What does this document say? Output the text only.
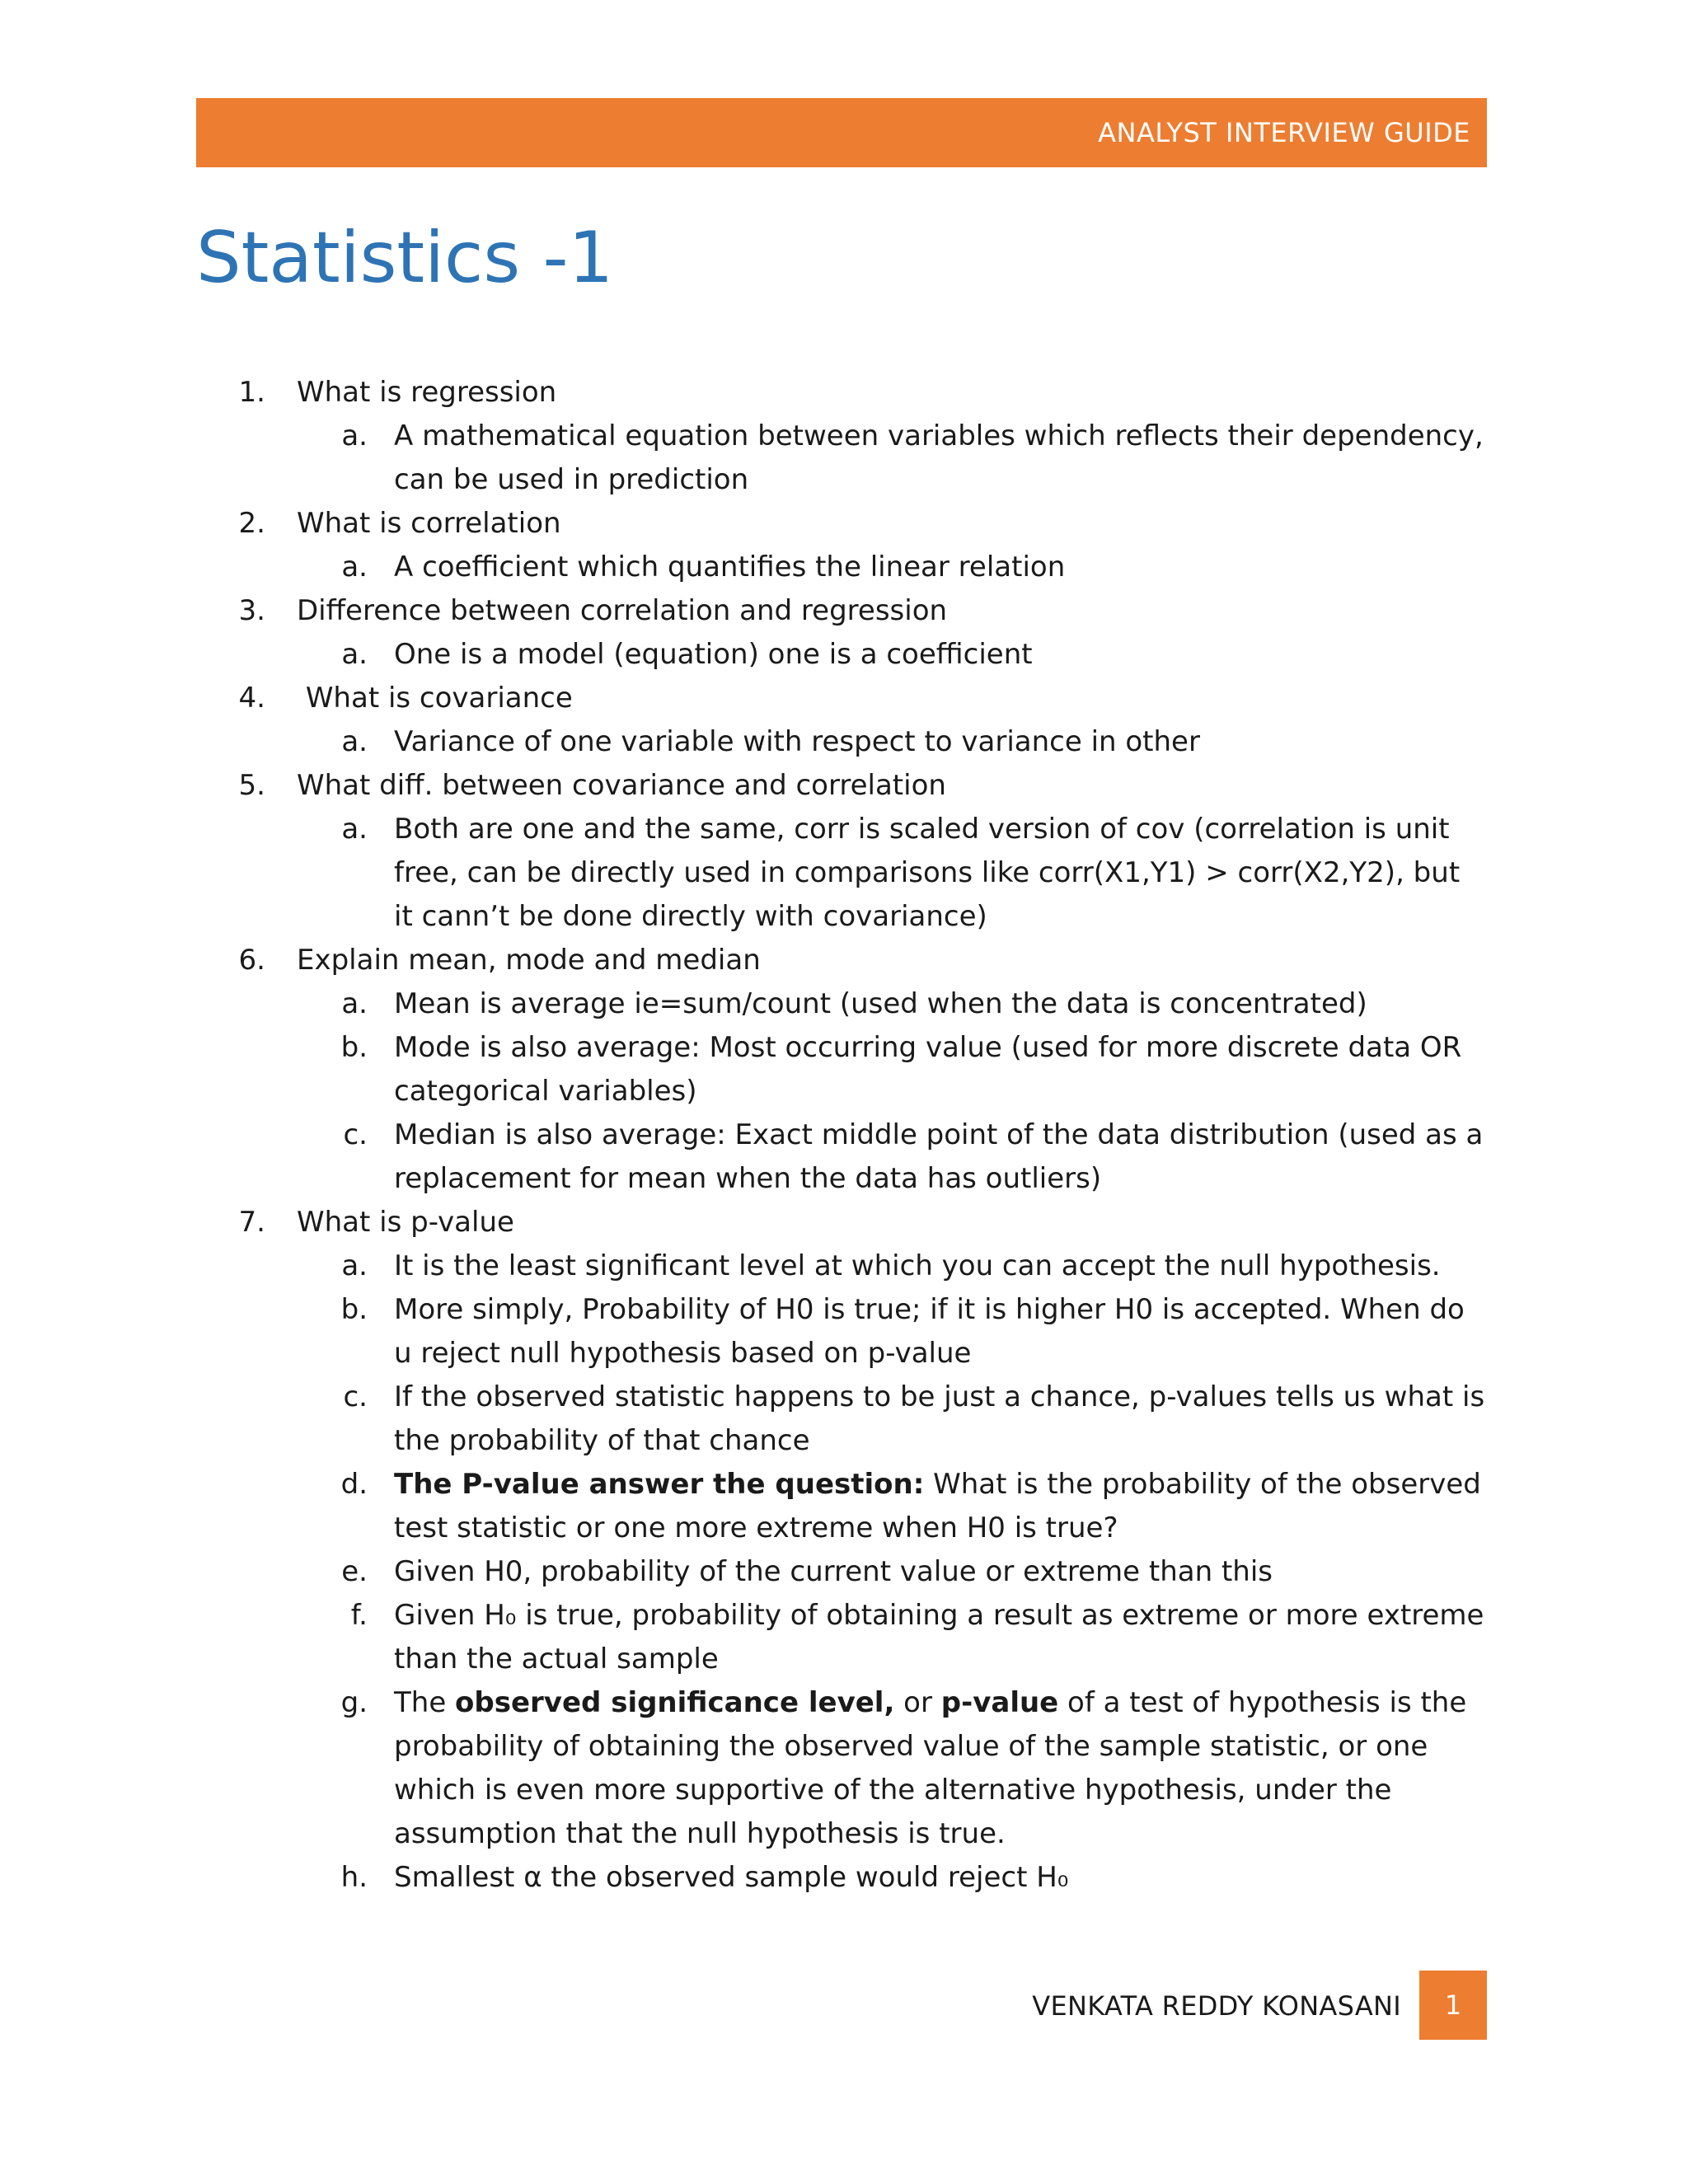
ANALYST INTERVIEW GUIDE
Statistics -1
1.	What is regression
a. A mathematical equation between variables which reflects their dependency, can be used in prediction
2.	What is correlation
a. A coefficient which quantifies the linear relation
3.	Difference between correlation and regression
a. One is a model (equation) one is a coefficient
4.	What is covariance
a. Variance of one variable with respect to variance in other
5.	What diff. between covariance and correlation
a. Both are one and the same, corr is scaled version of cov (correlation is unit free, can be directly used in comparisons like corr(X1,Y1) > corr(X2,Y2), but it cann’t be done directly with covariance)
6.	Explain mean, mode and median
a. Mean is average ie=sum/count (used when the data is concentrated)
b. Mode is also average: Most occurring value (used for more discrete data OR categorical variables)
c. Median is also average: Exact middle point of the data distribution (used as a replacement for mean when the data has outliers)
7.	What is p-value
a. It is the least significant level at which you can accept the null hypothesis.
b. More simply, Probability of H0 is true; if it is higher H0 is accepted. When do u reject null hypothesis based on p-value
c. If the observed statistic happens to be just a chance, p-values tells us what is the probability of that chance
d. The P-value answer the question: What is the probability of the observed test statistic or one more extreme when H0 is true?
e. Given H0, probability of the current value or extreme than this
f. Given H₀ is true, probability of obtaining a result as extreme or more extreme than the actual sample
g. The observed significance level, or p-value of a test of hypothesis is the probability of obtaining the observed value of the sample statistic, or one which is even more supportive of the alternative hypothesis, under the assumption that the null hypothesis is true.
h. Smallest α the observed sample would reject H₀
VENKATA REDDY KONASANI	1
